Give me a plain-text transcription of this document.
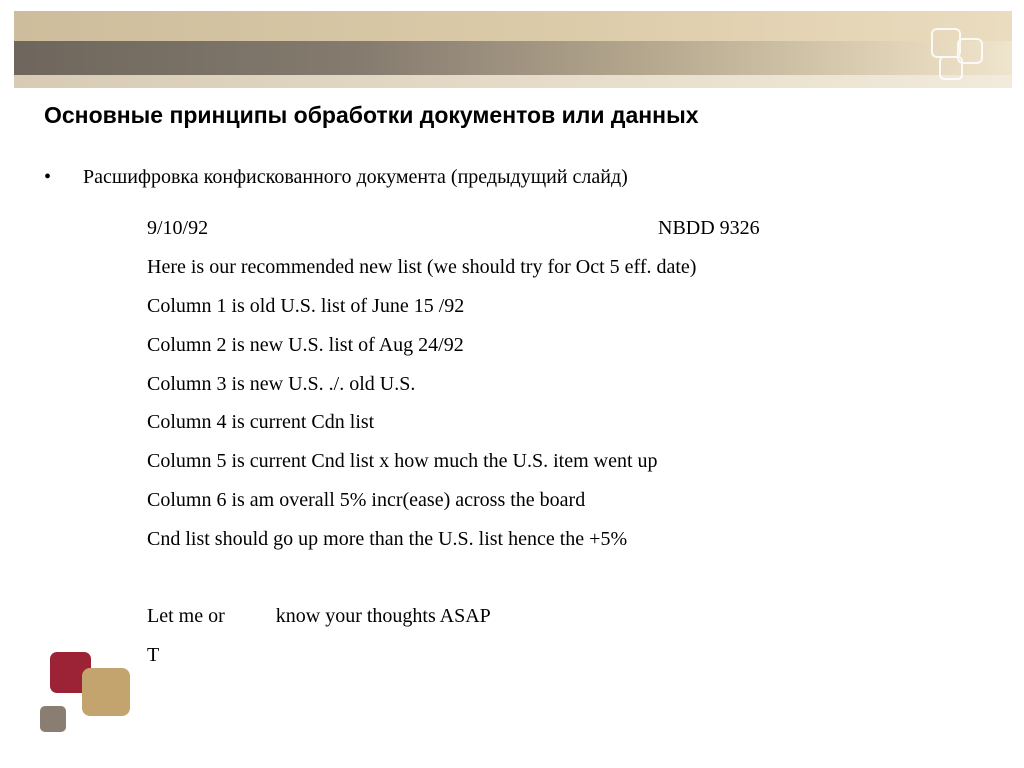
Основные принципы обработки документов или данных
• Расшифровка конфискованного документа (предыдущий слайд)
9/10/92	NBDD 9326
Here is our recommended new list (we should try for Oct 5 eff. date)
Column 1 is old U.S. list of June 15 /92
Column 2 is new U.S. list of Aug 24/92
Column 3 is new U.S. ./. old U.S.
Column 4 is current Cdn list
Column 5 is current Cnd list x how much the U.S. item went up
Column 6 is am overall 5% incr(ease) across the board
Cnd list should go up more than the U.S. list hence the +5%
Let me or	know your thoughts ASAP
T
